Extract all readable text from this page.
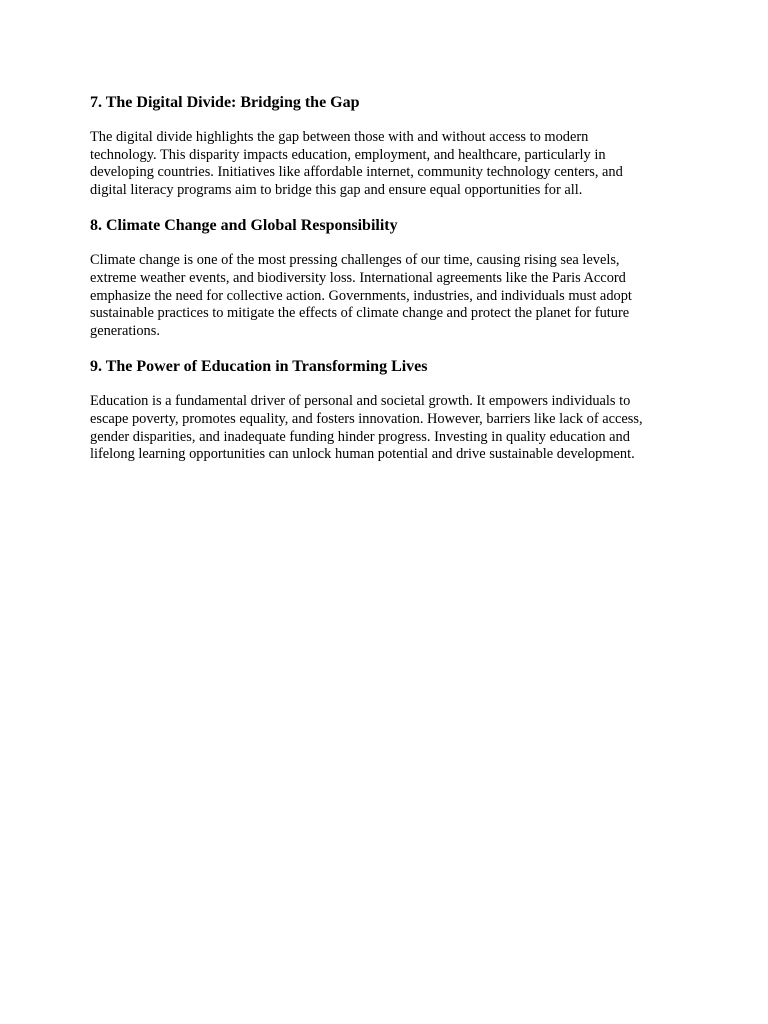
7. The Digital Divide: Bridging the Gap

The digital divide highlights the gap between those with and without access to modern
technology. This disparity impacts education, employment, and healthcare, particularly in
developing countries. Initiatives like affordable internet, community technology centers, and
digital literacy programs aim to bridge this gap and ensure equal opportunities for all.

8. Climate Change and Global Responsibility

Climate change is one of the most pressing challenges of our time, causing rising sea levels,
extreme weather events, and biodiversity loss. International agreements like the Paris Accord
emphasize the need for collective action. Governments, industries, and individuals must adopt
sustainable practices to mitigate the effects of climate change and protect the planet for future
generations.

9. The Power of Education in Transforming Lives

Education is a fundamental driver of personal and societal growth. It empowers individuals to
escape poverty, promotes equality, and fosters innovation. However, barriers like lack of access,
gender disparities, and inadequate funding hinder progress. Investing in quality education and
lifelong learning opportunities can unlock human potential and drive sustainable development.
